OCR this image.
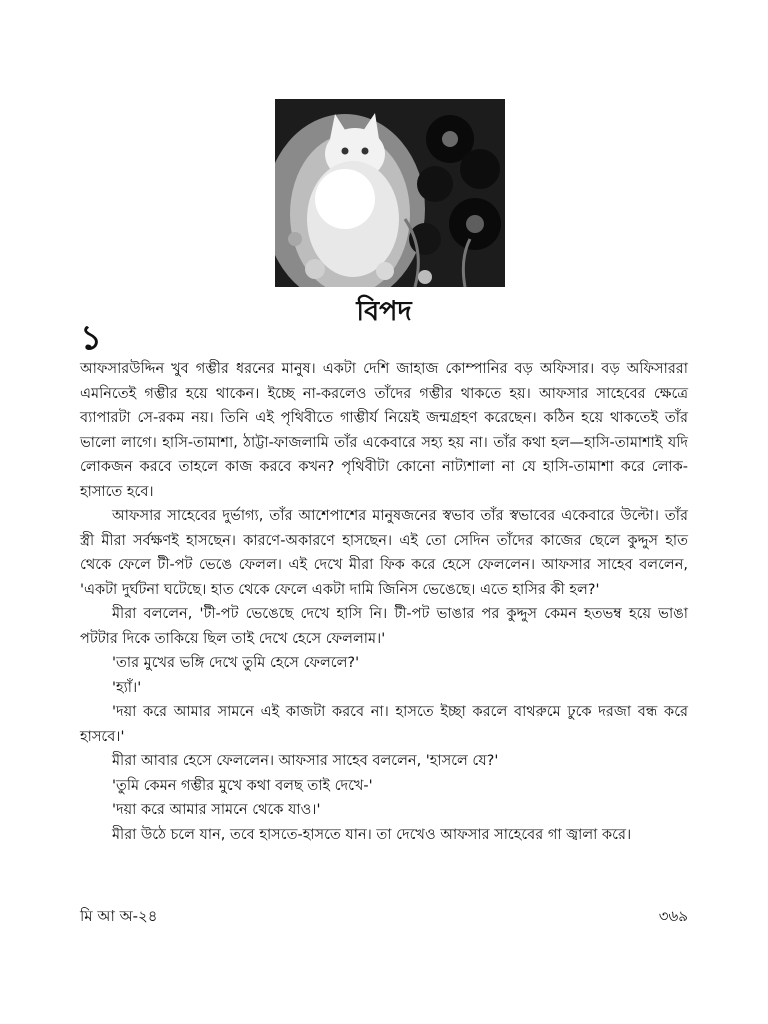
বিপদ
১

আফসারউদ্দিন খুব গম্ভীর ধরনের মানুষ। একটা দেশি জাহাজ কোম্পানির বড় অফিসার। বড় অফিসাররা এমনিতেই গম্ভীর হয়ে থাকেন। ইচ্ছে না-করলেও তাঁদের গম্ভীর থাকতে হয়। আফসার সাহেবের ক্ষেত্রে ব্যাপারটা সে-রকম নয়। তিনি এই পৃথিবীতে গাম্ভীর্য নিয়েই জন্মগ্রহণ করেছেন। কঠিন হয়ে থাকতেই তাঁর ভালো লাগে। হাসি-তামাশা, ঠাট্টা-ফাজলামি তাঁর একেবারে সহ্য হয় না। তাঁর কথা হল—হাসি-তামাশাই যদি লোকজন করবে তাহলে কাজ করবে কখন? পৃথিবীটা কোনো নাট্যশালা না যে হাসি-তামাশা করে লোক-হাসাতে হবে।

আফসার সাহেবের দুর্ভাগ্য, তাঁর আশেপাশের মানুষজনের স্বভাব তাঁর স্বভাবের একেবারে উল্টো। তাঁর স্ত্রী মীরা সর্বক্ষণই হাসছেন। কারণে-অকারণে হাসছেন। এই তো সেদিন তাঁদের কাজের ছেলে কুদ্দুস হাত থেকে ফেলে টী-পট ভেঙে ফেলল। এই দেখে মীরা ফিক করে হেসে ফেললেন। আফসার সাহেব বললেন, 'একটা দুর্ঘটনা ঘটেছে। হাত থেকে ফেলে একটা দামি জিনিস ভেঙেছে। এতে হাসির কী হল?'

মীরা বললেন, 'টী-পট ভেঙেছে দেখে হাসি নি। টী-পট ভাঙার পর কুদ্দুস কেমন হতভম্ব হয়ে ভাঙা পটটার দিকে তাকিয়ে ছিল তাই দেখে হেসে ফেললাম।'

'তার মুখের ভঙ্গি দেখে তুমি হেসে ফেললে?'

'হ্যাঁ।'

'দয়া করে আমার সামনে এই কাজটা করবে না। হাসতে ইচ্ছা করলে বাথরুমে ঢুকে দরজা বন্ধ করে হাসবে।'

মীরা আবার হেসে ফেললেন। আফসার সাহেব বললেন, 'হাসলে যে?'

'তুমি কেমন গম্ভীর মুখে কথা বলছ তাই দেখে-'

'দয়া করে আমার সামনে থেকে যাও।'

মীরা উঠে চলে যান, তবে হাসতে-হাসতে যান। তা দেখেও আফসার সাহেবের গা জ্বালা করে।

মি আ অ-২৪	৩৬৯
